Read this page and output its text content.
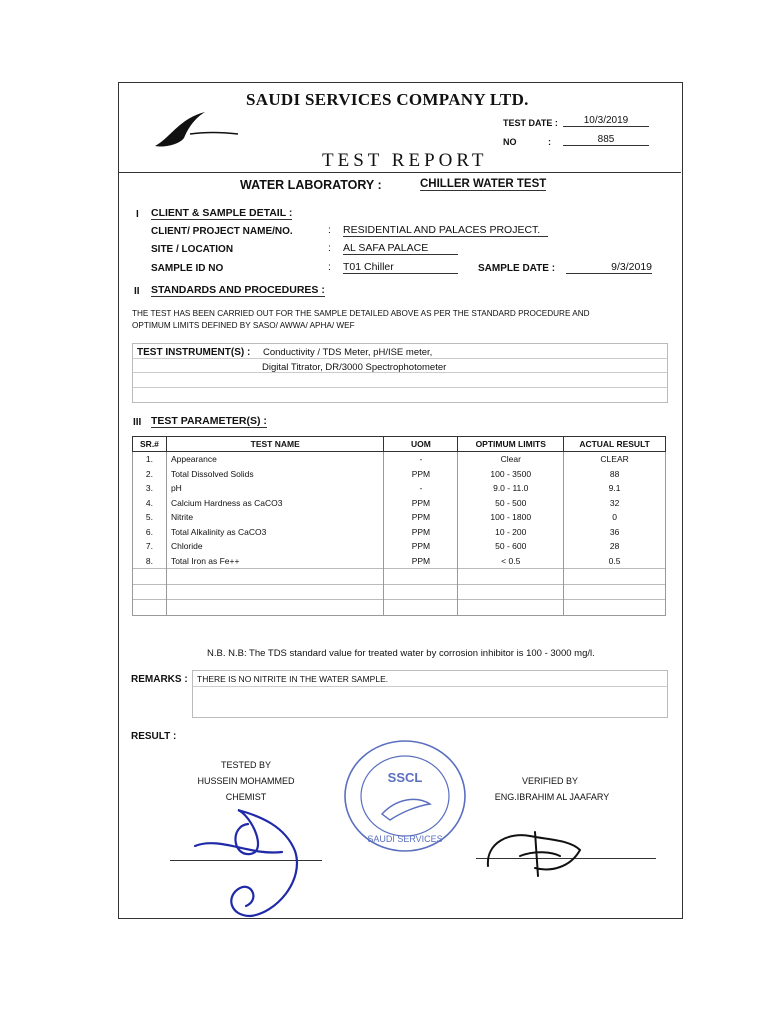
SAUDI SERVICES COMPANY LTD.
TEST DATE :	10/3/2019
NO	:	885
TEST REPORT
WATER LABORATORY :	CHILLER WATER TEST
I CLIENT & SAMPLE DETAIL :
CLIENT/ PROJECT NAME/NO.	: RESIDENTIAL AND PALACES PROJECT.
SITE / LOCATION	: AL SAFA PALACE
SAMPLE ID NO	: T01 Chiller	SAMPLE DATE :	9/3/2019
II STANDARDS AND PROCEDURES :
THE TEST HAS BEEN CARRIED OUT FOR THE SAMPLE DETAILED ABOVE AS PER THE STANDARD PROCEDURE AND
OPTIMUM LIMITS DEFINED BY SASO/ AWWA/ APHA/ WEF
TEST INSTRUMENT(S) : Conductivity / TDS Meter, pH/ISE meter,
Digital Titrator, DR/3000 Spectrophotometer
III TEST PARAMETER(S) :
SR.#	TEST NAME	UOM	OPTIMUM LIMITS	ACTUAL RESULT
1.	Appearance	-	Clear	CLEAR
2.	Total Dissolved Solids	PPM	100 - 3500	88
3.	pH	-	9.0 - 11.0	9.1
4.	Calcium Hardness as CaCO3	PPM	50 - 500	32
5.	Nitrite	PPM	100 - 1800	0
6.	Total Alkalinity as CaCO3	PPM	10 - 200	36
7.	Chloride	PPM	50 - 600	28
8.	Total Iron as Fe++	PPM	< 0.5	0.5

N.B. N.B: The TDS standard value for treated water by corrosion inhibitor is 100 - 3000 mg/l.
REMARKS : THERE IS NO NITRITE IN THE WATER SAMPLE.
RESULT :
TESTED BY
HUSSEIN MOHAMMED
CHEMIST
VERIFIED BY
ENG.IBRAHIM AL JAAFARY
SSCL
SAUDI SERVICES
